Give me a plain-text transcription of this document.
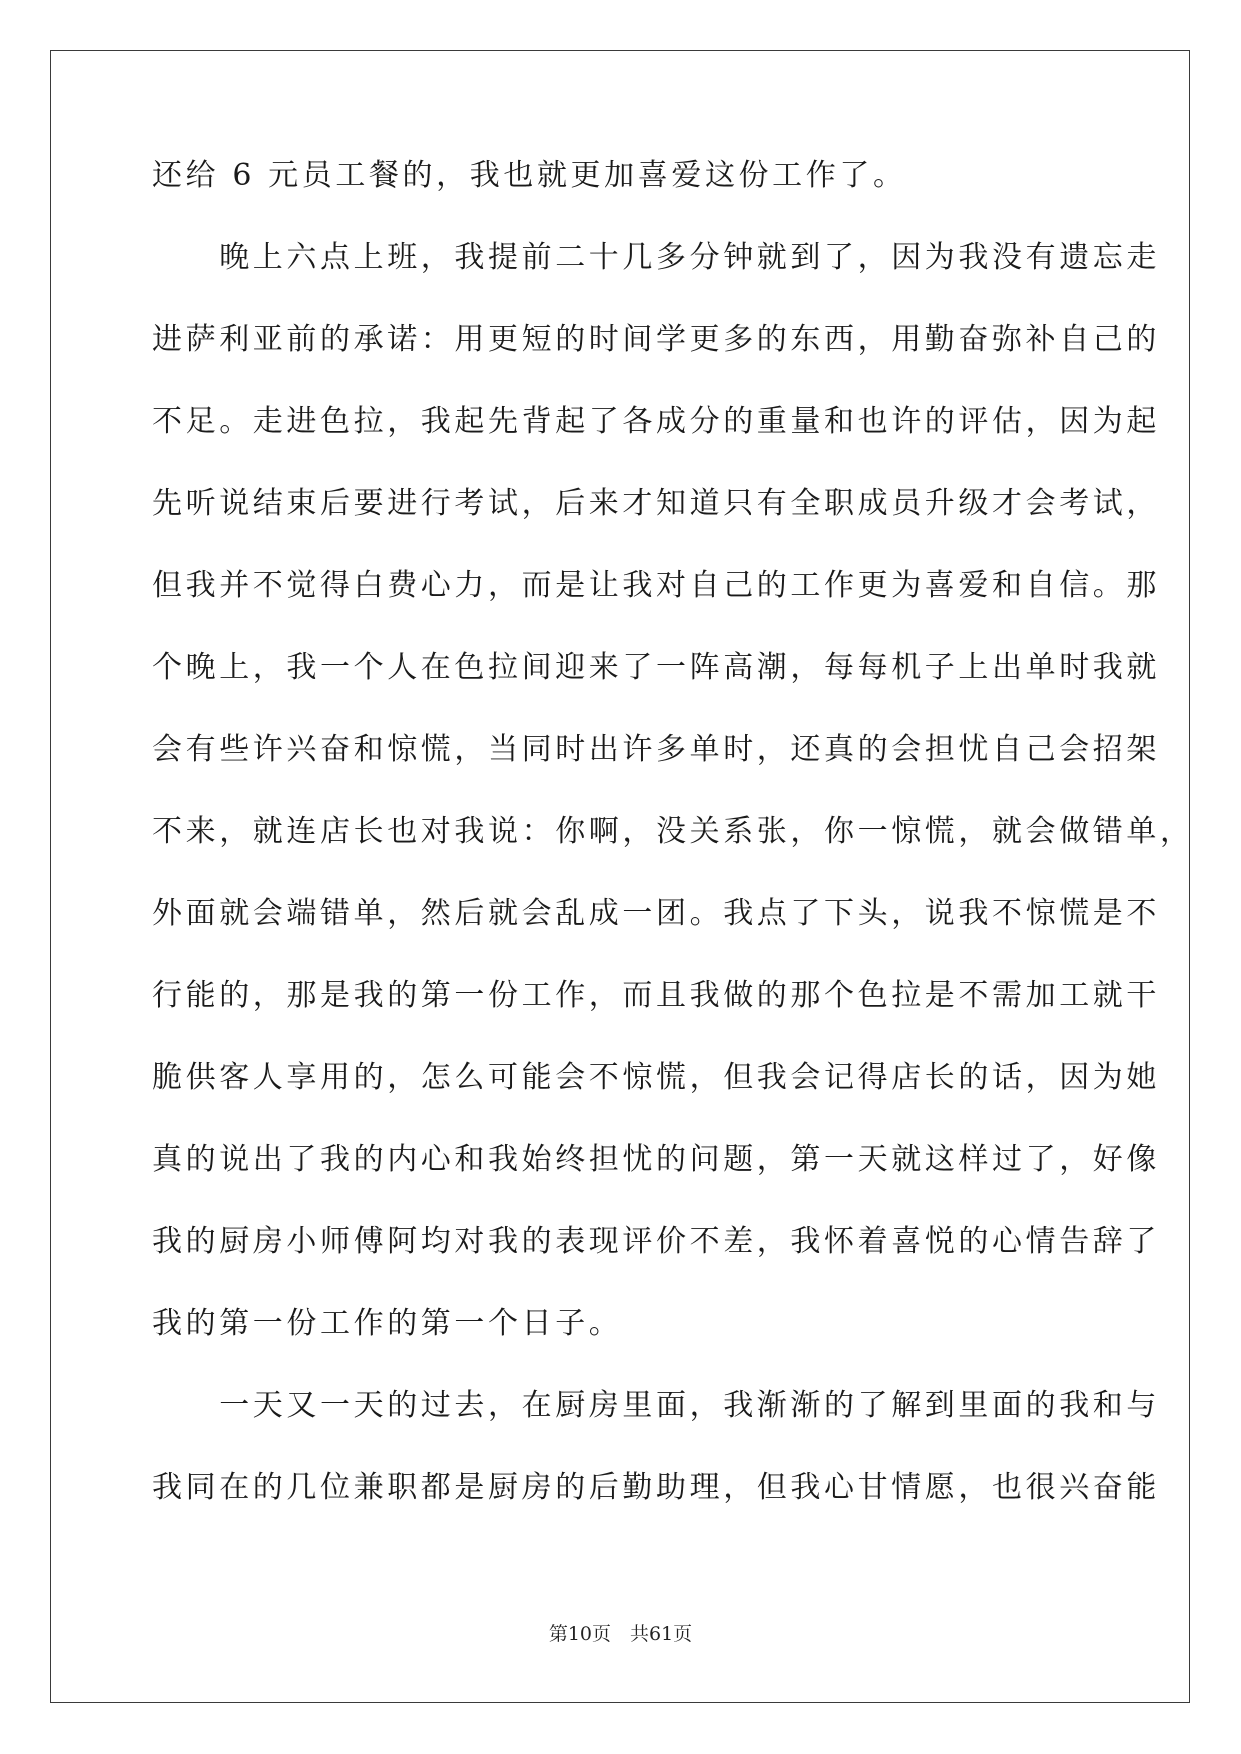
还给 6 元员工餐的，我也就更加喜爱这份工作了。
　　晚上六点上班，我提前二十几多分钟就到了，因为我没有遗忘走
进萨利亚前的承诺：用更短的时间学更多的东西，用勤奋弥补自己的
不足。走进色拉，我起先背起了各成分的重量和也许的评估，因为起
先听说结束后要进行考试，后来才知道只有全职成员升级才会考试，
但我并不觉得白费心力，而是让我对自己的工作更为喜爱和自信。那
个晚上，我一个人在色拉间迎来了一阵高潮，每每机子上出单时我就
会有些许兴奋和惊慌，当同时出许多单时，还真的会担忧自己会招架
不来，就连店长也对我说：你啊，没关系张，你一惊慌，就会做错单，
外面就会端错单，然后就会乱成一团。我点了下头，说我不惊慌是不
行能的，那是我的第一份工作，而且我做的那个色拉是不需加工就干
脆供客人享用的，怎么可能会不惊慌，但我会记得店长的话，因为她
真的说出了我的内心和我始终担忧的问题，第一天就这样过了，好像
我的厨房小师傅阿均对我的表现评价不差，我怀着喜悦的心情告辞了
我的第一份工作的第一个日子。
　　一天又一天的过去，在厨房里面，我渐渐的了解到里面的我和与
我同在的几位兼职都是厨房的后勤助理，但我心甘情愿，也很兴奋能
第10页　共61页
